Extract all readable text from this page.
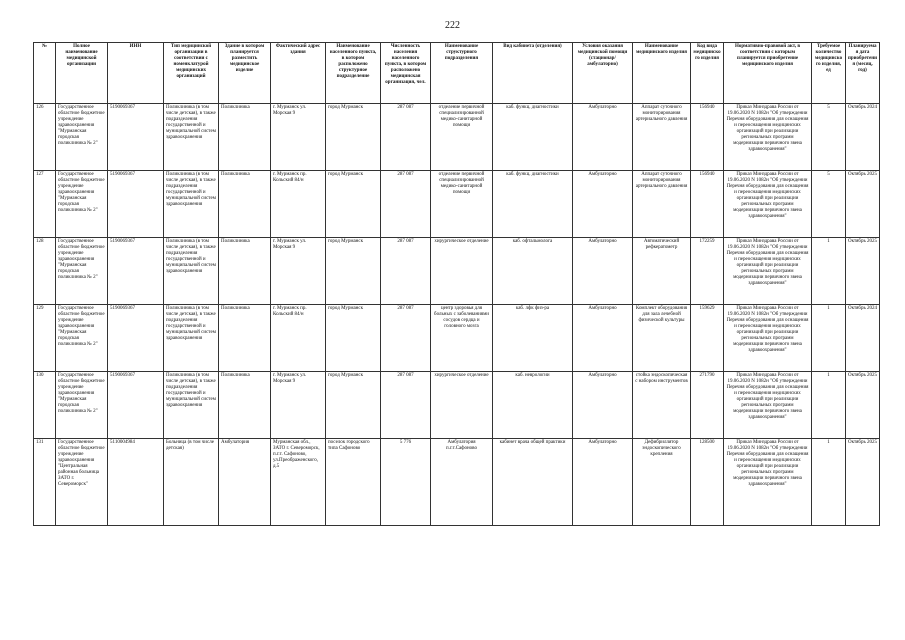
222
№	Полное наименование медицинской организации	ИНН	Тип медицинской организации в соответствии с номенклатурой медицинских организаций	Здание в котором планируется разместить медицинское изделие	Фактический адрес здания	Наименование населенного пункта, в котором расположено структурное подразделение	Численность населения населенного пункта, в котором расположено медицинская организация, чел.	Наименование структурного подразделения	Вид кабинета (отделения)	Условия оказания медицинской помощи (стационар/амбулаторно)	Наименование медицинского изделия	Код вида медицинского изделия	Нормативно-правовой акт, в соответствии с которым планируется приобретение медицинского изделия	Требуемое количество медицинского изделия, ед	Планируемая дата приобретения (месяц, год)
126	Государственное областное бюджетное учреждение здравоохранения "Мурманская городская поликлиника № 2"	5190069367	Поликлиника (в том числе детская), в также подразделения государственной и муниципальной систем здравоохранения	Поликлиника	г. Мурманск ул. Морская 9	город Мурманск	287 087	отделение первичной специализированной медико-санитарной помощи	каб. функц. диагностики	Амбулаторно	Аппарат суточного мониторирования артериального давления	156940	Приказ Минздрава России от 19.06.2020 N 1082н "Об утверждении Перечня оборудования для оснащения и переоснащения медицинских организаций при реализации региональных программ модернизации первичного звена здравоохранения"	5	Октябрь 2024
127	Государственное областное бюджетное учреждение здравоохранения "Мурманская городская поликлиника № 2"	5190069367	Поликлиника (в том числе детская), в также подразделения государственной и муниципальной систем здравоохранения	Поликлиника	г. Мурманск пр. Кольский 84/н	город Мурманск	287 087	отделение первичной специализированной медико-санитарной помощи	каб. функц. диагностики	Амбулаторно	Аппарат суточного мониторирования артериального давления	156940	Приказ Минздрава России от 19.06.2020 N 1082н "Об утверждении Перечня оборудования для оснащения и переоснащения медицинских организаций при реализации региональных программ модернизации первичного звена здравоохранения"	5	Октябрь 2025
128	Государственное областное бюджетное учреждение здравоохранения "Мурманская городская поликлиника № 2"	5190069367	Поликлиника (в том числе детская), в также подразделения государственной и муниципальной систем здравоохранения	Поликлиника	г. Мурманск ул. Морская 9	город Мурманск	287 087	хирургическое отделение	каб. офтальмолога	Амбулаторно	Автоматический рефкератометр	172259	Приказ Минздрава России от 19.06.2020 N 1082н "Об утверждении Перечня оборудования для оснащения и переоснащения медицинских организаций при реализации региональных программ модернизации первичного звена здравоохранения"	1	Октябрь 2025
129	Государственное областное бюджетное учреждение здравоохранения "Мурманская городская поликлиника № 2"	5190069367	Поликлиника (в том числе детская), в также подразделения государственной и муниципальной систем здравоохранения	Поликлиника	г. Мурманск пр. Кольский 84/н	город Мурманск	287 087	центр здоровья для больных с заболеваниями сосудов сердца и головного мозга	каб. лфк физ-ра	Амбулаторно	Комплект оборудования для зала лечебной физической культуры	159629	Приказ Минздрава России от 19.06.2020 N 1082н "Об утверждении Перечня оборудования для оснащения и переоснащения медицинских организаций при реализации региональных программ модернизации первичного звена здравоохранения"	1	Октябрь 2024
130	Государственное областное бюджетное учреждение здравоохранения "Мурманская городская поликлиника № 2"	5190069367	Поликлиника (в том числе детская), в также подразделения государственной и муниципальной систем здравоохранения	Поликлиника	г. Мурманск ул. Морская 9	город Мурманск	287 087	хирургическое отделение	каб. неврологии	Амбулаторно	стойка эндоскопическая с набором инструментов	271790	Приказ Минздрава России от 19.06.2020 N 1082н "Об утверждении Перечня оборудования для оснащения и переоснащения медицинских организаций при реализации региональных программ модернизации первичного звена здравоохранения"	1	Октябрь 2025
131	Государственное областное бюджетное учреждение здравоохранения "Центральная районная больница ЗАТО г. Североморск"	5110004984	Больница (в том числе детская)	Амбулатория	Мурманская обл., ЗАТО г. Североморск, п.г.т. Сафоново, ул.Преображенского, д.5	поселок городского типа Сафоново	5 776	Амбулатория п.г.т.Сафоново	кабинет врача общей практики	Амбулаторно	Дефибриллятор эндоскопического крепления	128500	Приказ Минздрава России от 19.06.2020 N 1082н "Об утверждении Перечня оборудования для оснащения и переоснащения медицинских организаций при реализации региональных программ модернизации первичного звена здравоохранения"	1	Октябрь 2025
